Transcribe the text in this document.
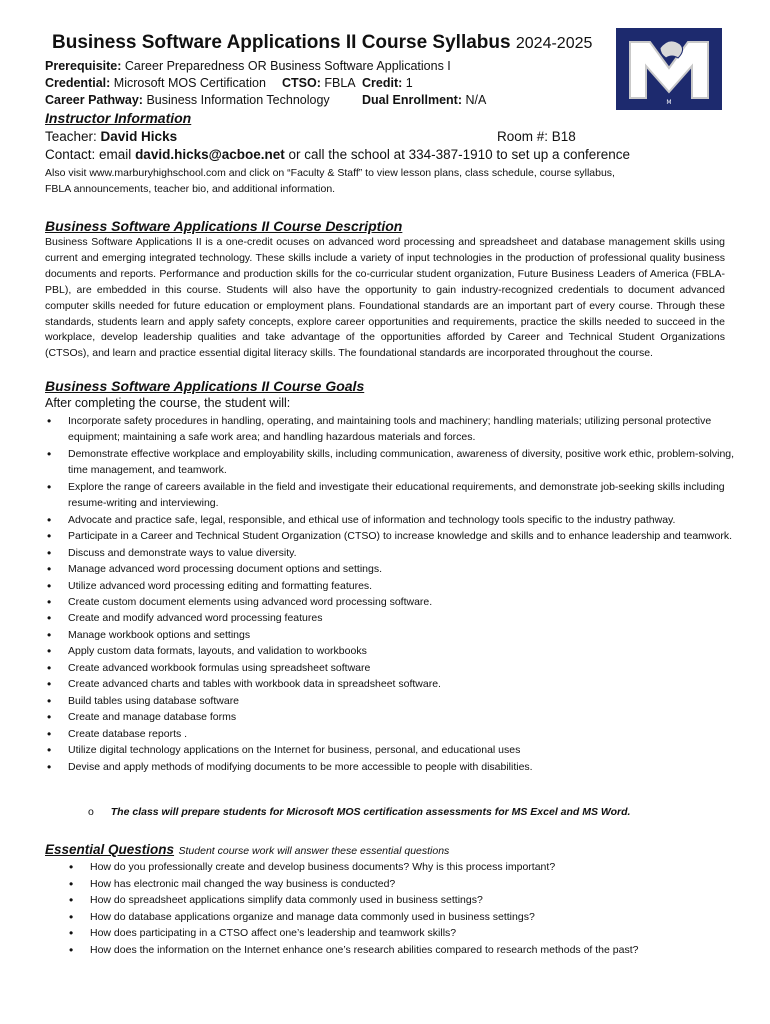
Business Software Applications II Course Syllabus 2024-2025
M
Prerequisite: Career Preparedness OR Business Software Applications I
Credential: Microsoft MOS Certification CTSO: FBLA Credit: 1
Career Pathway: Business Information Technology	Dual Enrollment: N/A
Instructor Information
Teacher: David Hicks	Room #: B18
Contact: email david.hicks@acboe.net or call the school at 334-387-1910 to set up a conference
Also visit www.marburyhighschool.com and click on “Faculty & Staff” to view lesson plans, class schedule, course syllabus,
FBLA announcements, teacher bio, and additional information.
Business Software Applications II Course Description
Business Software Applications II is a one-credit ocuses on advanced word processing and spreadsheet and database management skills using current and emerging integrated technology. These skills include a variety of input technologies in the production of professional quality business documents and reports. Performance and production skills for the co-curricular student organization, Future Business Leaders of America (FBLA-PBL), are embedded in this course. Students will also have the opportunity to gain industry-recognized credentials to document advanced computer skills needed for future education or employment plans. Foundational standards are an important part of every course. Through these standards, students learn and apply safety concepts, explore career opportunities and requirements, practice the skills needed to succeed in the workplace, develop leadership qualities and take advantage of the opportunities afforded by Career and Technical Student Organizations (CTSOs), and learn and practice essential digital literacy skills. The foundational standards are incorporated throughout the course.
Business Software Applications II Course Goals
After completing the course, the student will:
• Incorporate safety procedures in handling, operating, and maintaining tools and machinery; handling materials; utilizing personal protective equipment; maintaining a safe work area; and handling hazardous materials and forces.
• Demonstrate effective workplace and employability skills, including communication, awareness of diversity, positive work ethic, problem-solving, time management, and teamwork.
• Explore the range of careers available in the field and investigate their educational requirements, and demonstrate job-seeking skills including resume-writing and interviewing.
• Advocate and practice safe, legal, responsible, and ethical use of information and technology tools specific to the industry pathway.
• Participate in a Career and Technical Student Organization (CTSO) to increase knowledge and skills and to enhance leadership and teamwork.
• Discuss and demonstrate ways to value diversity.
• Manage advanced word processing document options and settings.
• Utilize advanced word processing editing and formatting features.
• Create custom document elements using advanced word processing software.
• Create and modify advanced word processing features
• Manage workbook options and settings
• Apply custom data formats, layouts, and validation to workbooks
• Create advanced workbook formulas using spreadsheet software
• Create advanced charts and tables with workbook data in spreadsheet software.
• Build tables using database software
• Create and manage database forms
• Create database reports .
• Utilize digital technology applications on the Internet for business, personal, and educational uses
• Devise and apply methods of modifying documents to be more accessible to people with disabilities.
o The class will prepare students for Microsoft MOS certification assessments for MS Excel and MS Word.
Essential Questions Student course work will answer these essential questions
• How do you professionally create and develop business documents? Why is this process important?
• How has electronic mail changed the way business is conducted?
• How do spreadsheet applications simplify data commonly used in business settings?
• How do database applications organize and manage data commonly used in business settings?
• How does participating in a CTSO affect one’s leadership and teamwork skills?
• How does the information on the Internet enhance one’s research abilities compared to research methods of the past?
